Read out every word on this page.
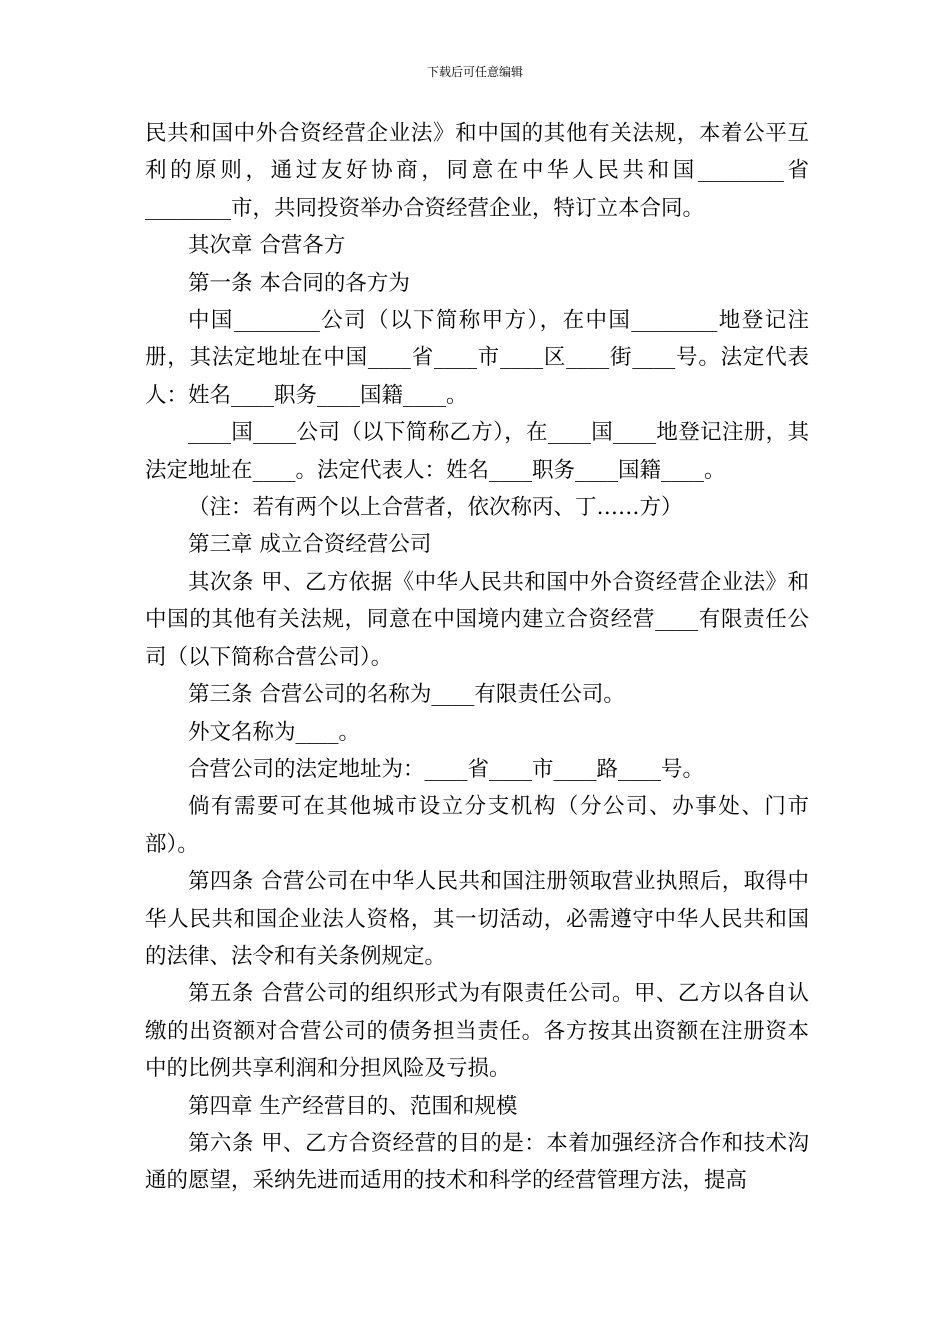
下载后可任意编辑

民共和国中外合资经营企业法》和中国的其他有关法规，本着公平互利的原则，通过友好协商，同意在中华人民共和国________省________市，共同投资举办合资经营企业，特订立本合同。

其次章 合营各方

第一条 本合同的各方为

中国________公司（以下简称甲方），在中国________地登记注册，其法定地址在中国____省____市____区____街____号。法定代表人：姓名____职务____国籍____。

____国____公司（以下简称乙方），在____国____地登记注册，其法定地址在____。法定代表人：姓名____职务____国籍____。

（注：若有两个以上合营者，依次称丙、丁……方）

第三章 成立合资经营公司

其次条 甲、乙方依据《中华人民共和国中外合资经营企业法》和中国的其他有关法规，同意在中国境内建立合资经营____有限责任公司（以下简称合营公司）。

第三条 合营公司的名称为____有限责任公司。

外文名称为____。

合营公司的法定地址为：____省____市____路____号。

倘有需要可在其他城市设立分支机构（分公司、办事处、门市部）。

第四条 合营公司在中华人民共和国注册领取营业执照后，取得中华人民共和国企业法人资格，其一切活动，必需遵守中华人民共和国的法律、法令和有关条例规定。

第五条 合营公司的组织形式为有限责任公司。甲、乙方以各自认缴的出资额对合营公司的债务担当责任。各方按其出资额在注册资本中的比例共享利润和分担风险及亏损。

第四章 生产经营目的、范围和规模

第六条 甲、乙方合资经营的目的是：本着加强经济合作和技术沟通的愿望，采纳先进而适用的技术和科学的经营管理方法，提高
